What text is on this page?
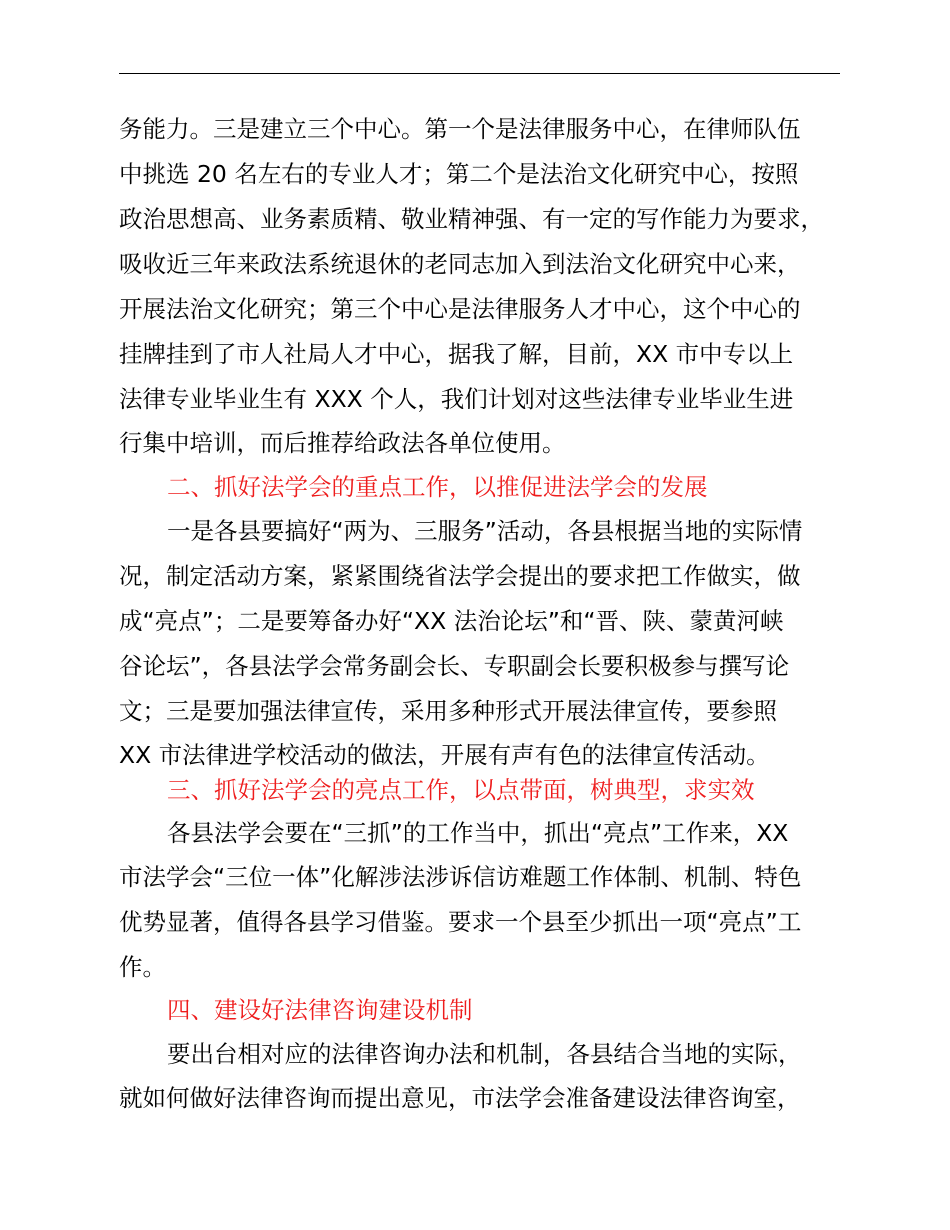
务能力。三是建立三个中心。第一个是法律服务中心，在律师队伍
中挑选 20 名左右的专业人才；第二个是法治文化研究中心，按照
政治思想高、业务素质精、敬业精神强、有一定的写作能力为要求，
吸收近三年来政法系统退休的老同志加入到法治文化研究中心来，
开展法治文化研究；第三个中心是法律服务人才中心，这个中心的
挂牌挂到了市人社局人才中心，据我了解，目前，XX 市中专以上
法律专业毕业生有 XXX 个人，我们计划对这些法律专业毕业生进
行集中培训，而后推荐给政法各单位使用。
二、抓好法学会的重点工作，以推促进法学会的发展
一是各县要搞好“两为、三服务”活动，各县根据当地的实际情
况，制定活动方案，紧紧围绕省法学会提出的要求把工作做实，做
成“亮点”；二是要筹备办好“XX 法治论坛”和“晋、陕、蒙黄河峡
谷论坛”，各县法学会常务副会长、专职副会长要积极参与撰写论
文；三是要加强法律宣传，采用多种形式开展法律宣传，要参照
XX 市法律进学校活动的做法，开展有声有色的法律宣传活动。
三、抓好法学会的亮点工作，以点带面，树典型，求实效
各县法学会要在“三抓”的工作当中，抓出“亮点”工作来，XX
市法学会“三位一体”化解涉法涉诉信访难题工作体制、机制、特色
优势显著，值得各县学习借鉴。要求一个县至少抓出一项“亮点”工
作。
四、建设好法律咨询建设机制
要出台相对应的法律咨询办法和机制，各县结合当地的实际，
就如何做好法律咨询而提出意见，市法学会准备建设法律咨询室，
